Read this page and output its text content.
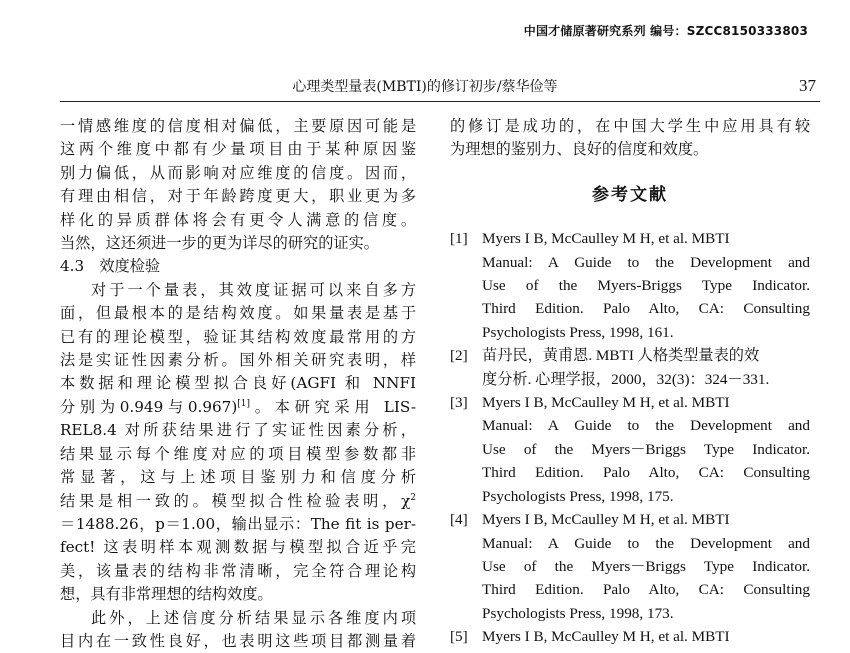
中国才储原著研究系列 编号：SZCC8150333803
心理类型量表(MBTI)的修订初步/蔡华俭等	37
一情感维度的信度相对偏低，主要原因可能是
这两个维度中都有少量项目由于某种原因鉴
别力偏低，从而影响对应维度的信度。因而，
有理由相信，对于年龄跨度更大，职业更为多
样化的异质群体将会有更令人满意的信度。
当然，这还须进一步的更为详尽的研究的证实。
4.3　效度检验
对于一个量表，其效度证据可以来自多方
面，但最根本的是结构效度。如果量表是基于
已有的理论模型，验证其结构效度最常用的方
法是实证性因素分析。国外相关研究表明，样
本数据和理论模型拟合良好(AGFI 和 NNFI
分别为0.949与0.967)[1]。本研究采用 LIS-
REL8.4 对所获结果进行了实证性因素分析，
结果显示每个维度对应的项目模型参数都非
常显著，这与上述项目鉴别力和信度分析
结果是相一致的。模型拟合性检验表明，$\chi^2$
＝1488.26，p＝1.00，输出显示：The fit is per-
fect! 这表明样本观测数据与模型拟合近乎完
美，该量表的结构非常清晰，完全符合理论构
想，具有非常理想的结构效度。
此外，上述信度分析结果显示各维度内项
目内在一致性良好，也表明这些项目都测量着
的修订是成功的，在中国大学生中应用具有较
为理想的鉴别力、良好的信度和效度。
参考文献
[1] Myers I B, McCaulley M H, et al. MBTI
Manual: A Guide to the Development and
Use of the Myers-Briggs Type Indicator.
Third Edition. Palo Alto, CA: Consulting
Psychologists Press, 1998, 161.
[2] 苗丹民，黄甫恩. MBTI 人格类型量表的效
度分析. 心理学报，2000，32(3)：324－331.
[3] Myers I B, McCaulley M H, et al. MBTI
Manual: A Guide to the Development and
Use of the Myers－Briggs Type Indicator.
Third Edition. Palo Alto, CA: Consulting
Psychologists Press, 1998, 175.
[4] Myers I B, McCaulley M H, et al. MBTI
Manual: A Guide to the Development and
Use of the Myers－Briggs Type Indicator.
Third Edition. Palo Alto, CA: Consulting
Psychologists Press, 1998, 173.
[5] Myers I B, McCaulley M H, et al. MBTI
